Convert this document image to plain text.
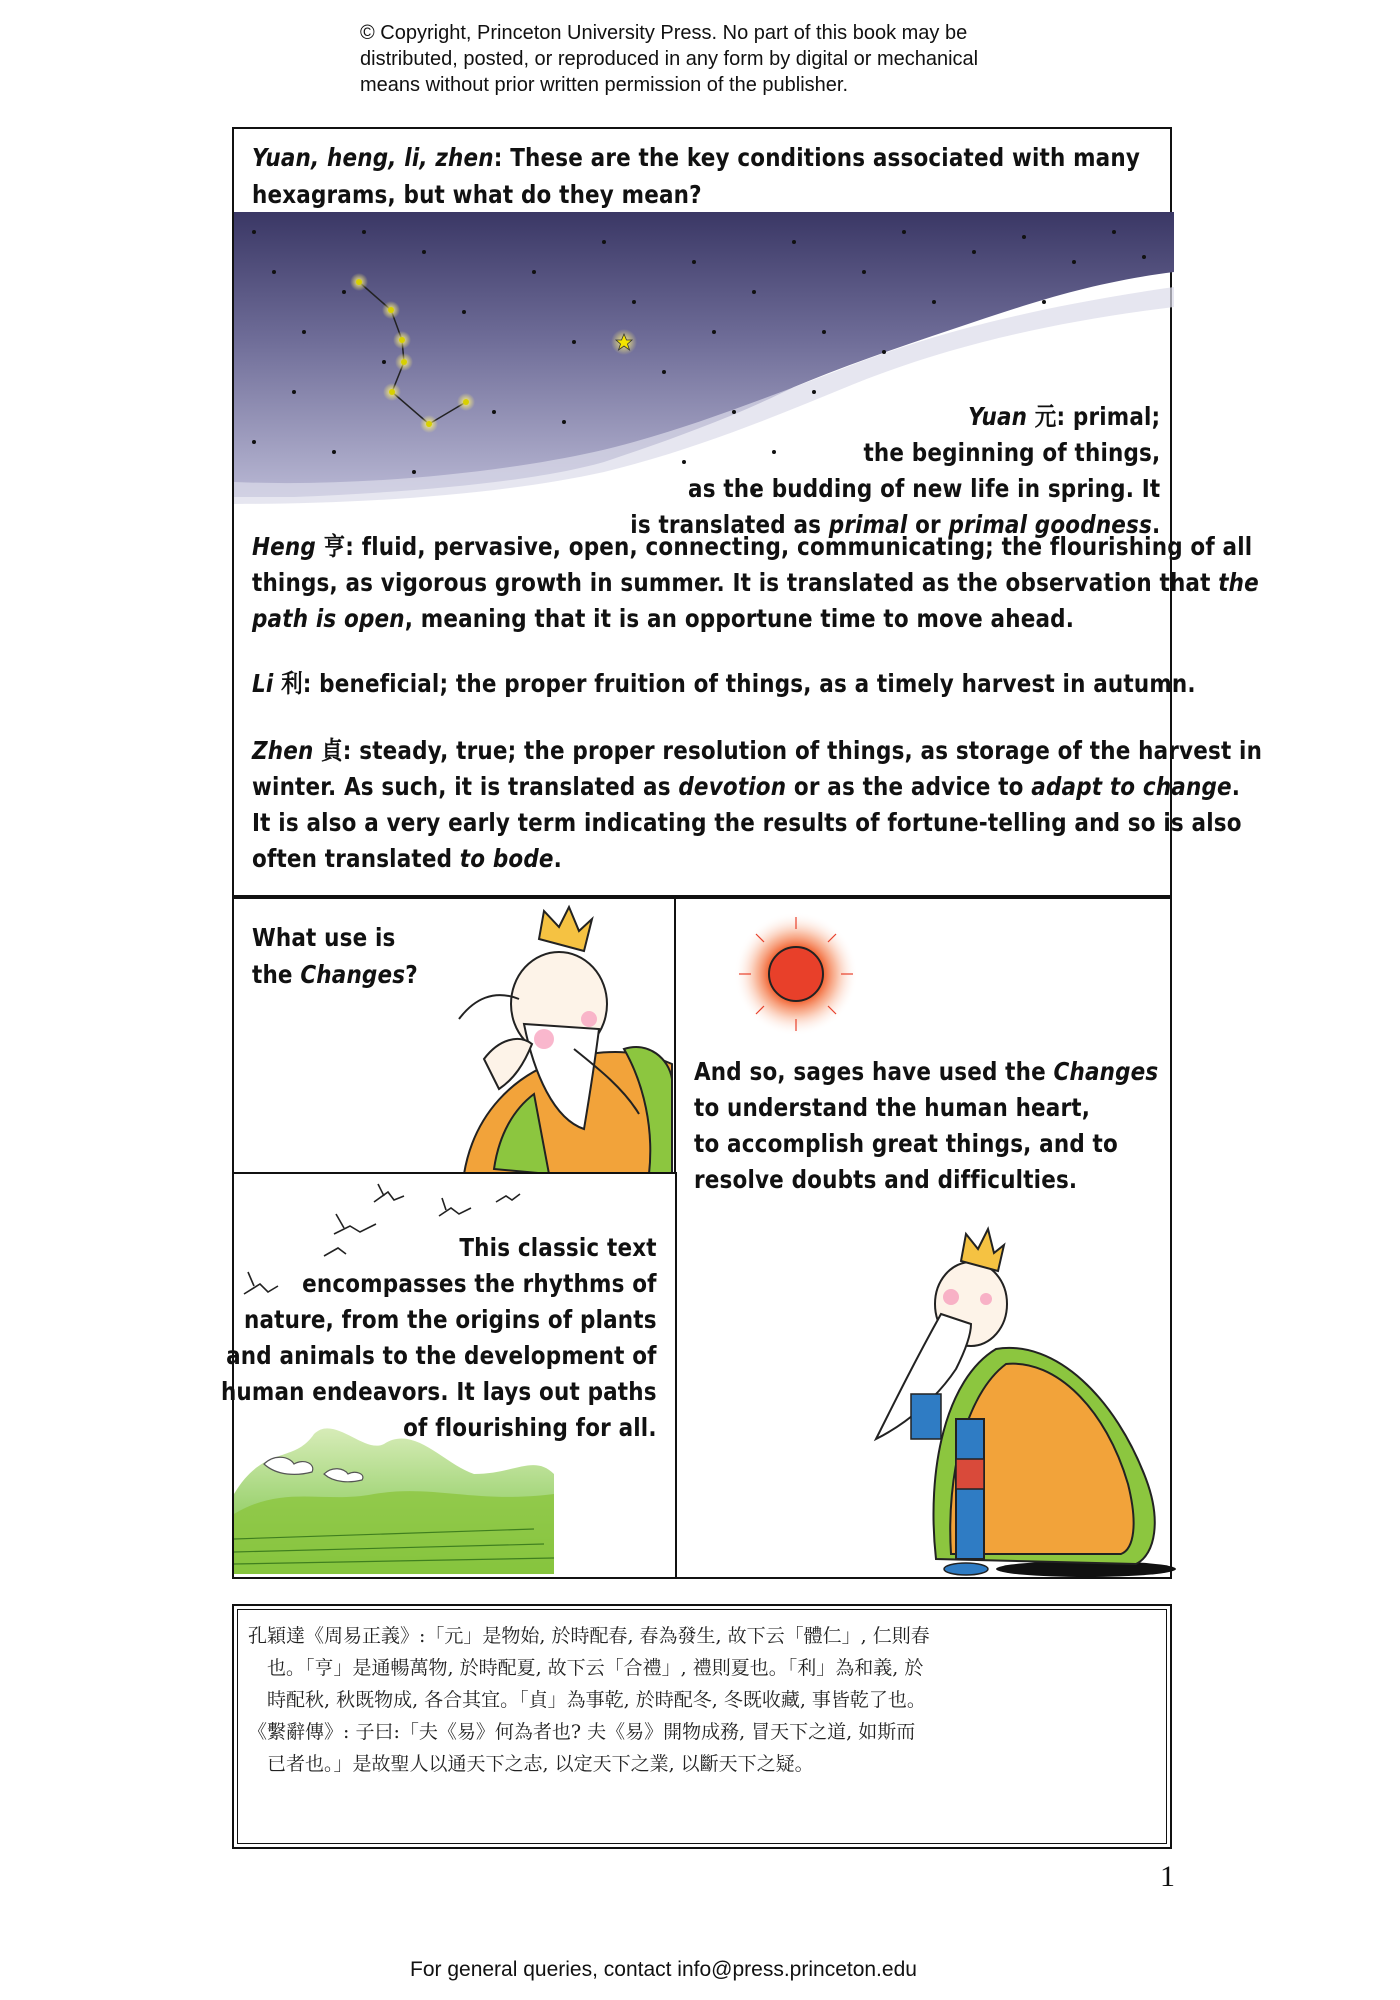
© Copyright, Princeton University Press. No part of this book may be
distributed, posted, or reproduced in any form by digital or mechanical
means without prior written permission of the publisher.
Yuan, heng, li, zhen: These are the key conditions associated with many
hexagrams, but what do they mean?
Yuan 元: primal;
the beginning of things,
as the budding of new life in spring. It
is translated as primal or primal goodness.
Heng 亨: fluid, pervasive, open, connecting, communicating; the flourishing of all
things, as vigorous growth in summer. It is translated as the observation that the
path is open, meaning that it is an opportune time to move ahead.
Li 利: beneficial; the proper fruition of things, as a timely harvest in autumn.
Zhen 貞: steady, true; the proper resolution of things, as storage of the harvest in
winter. As such, it is translated as devotion or as the advice to adapt to change.
It is also a very early term indicating the results of fortune-telling and so is also
often translated to bode.
What use is
the Changes?
And so, sages have used the Changes
to understand the human heart,
to accomplish great things, and to
resolve doubts and difficulties.
This classic text
encompasses the rhythms of
nature, from the origins of plants
and animals to the development of
human endeavors. It lays out paths
of flourishing for all.
孔穎達《周易正義》:「元」是物始, 於時配春, 春為發生, 故下云「體仁」, 仁則春
　也。「亨」是通暢萬物, 於時配夏, 故下云「合禮」, 禮則夏也。「利」為和義, 於
　時配秋, 秋既物成, 各合其宜。「貞」為事乾, 於時配冬, 冬既收藏, 事皆乾了也。
《繫辭傳》: 子曰:「夫《易》何為者也? 夫《易》開物成務, 冒天下之道, 如斯而
　已者也。」是故聖人以通天下之志, 以定天下之業, 以斷天下之疑。
1
For general queries, contact info@press.princeton.edu
